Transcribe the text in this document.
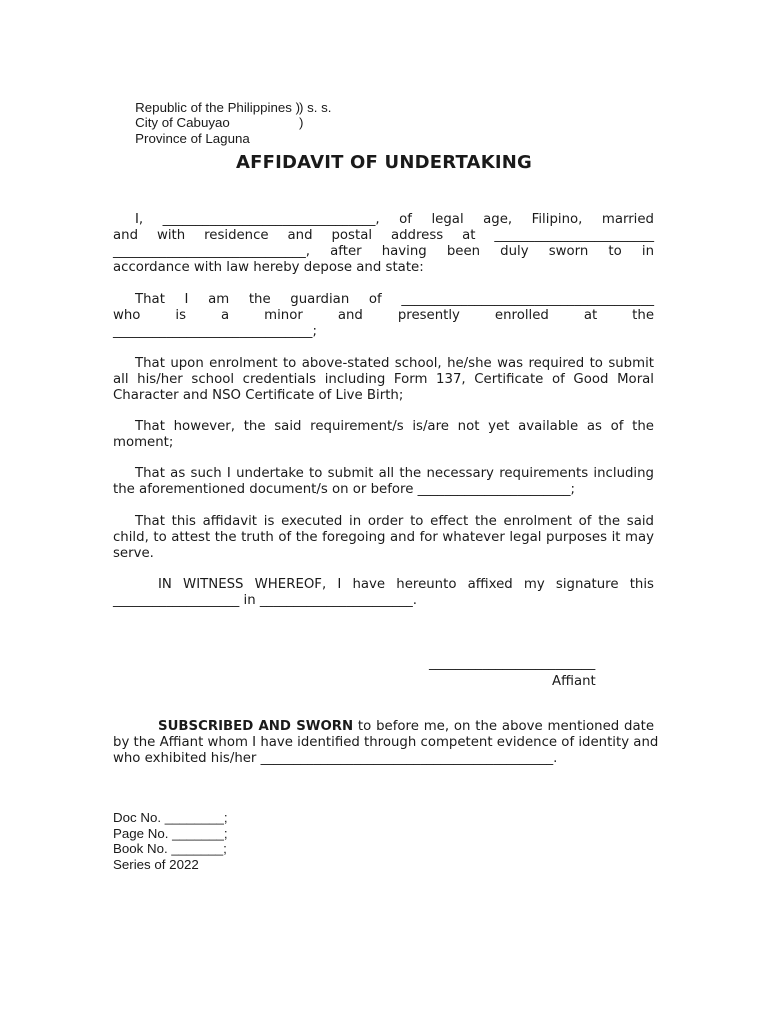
Republic of the Philippines )

City of Cabuyao

) s. s.

Province of Laguna

)

AFFIDAVIT OF UNDERTAKING
I, ________________________________, of legal age, Filipino, married
and with residence and postal address at ________________________
_____________________________, after having been duly sworn to in
accordance with law hereby depose and state:
That I am the guardian of ______________________________________
who is a minor and presently enrolled at the
______________________________;
That upon enrolment to above-stated school, he/she was required to submit
all his/her school credentials including Form 137, Certificate of Good Moral
Character and NSO Certificate of Live Birth;
That however, the said requirement/s is/are not yet available as of the
moment;
That as such I undertake to submit all the necessary requirements including
the aforementioned document/s on or before _______________________;
That this affidavit is executed in order to effect the enrolment of the said
child, to attest the truth of the foregoing and for whatever legal purposes it may
serve.
IN WITNESS WHEREOF, I have hereunto affixed my signature this
___________________ in _______________________.
_________________________
Affiant
SUBSCRIBED AND SWORN to before me, on the above mentioned date
by the Affiant whom I have identified through competent evidence of identity and
who exhibited his/her ____________________________________________.
Doc No. ________;
Page No. _______;
Book No. _______;
Series of 2022
